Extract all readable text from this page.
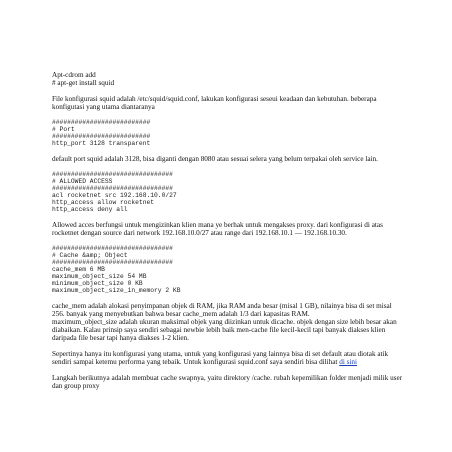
Apt-cdrom add
# apt-get install squid

File konfigurasi squid adalah /etc/squid/squid.conf, lakukan konfigurasi seseui keadaan dan kebutuhan. beberapa konfigutasi yang utama diantaranya

##########################
# Port
##########################
http_port 3128 transparent

default port squid adalah 3128, bisa diganti dengan 8080 atau sesuai selera yang belum terpakai oleh service lain.

################################
# ALLOWED ACCESS
################################
acl rocketnet src 192.168.10.0/27
http_access allow rocketnet
http_access deny all

Allowed acces berfungsi untuk mengizinkan klien mana ye berhak untuk mengakses proxy. dari konfigurasi di atas rocketnet dengan source dari network 192.168.10.0/27 atau range dari 192.168.10.1 — 192.168.10.30.

################################
# Cache &amp; Object
################################
cache_mem 6 MB
maximum_object_size 54 MB
minimum_object_size 0 KB
maximum_object_size_in_memory 2 KB

cache_mem adalah alokasi penyimpanan objek di RAM, jika RAM anda besar (misal 1 GB), nilainya bisa di set misal 256. banyak yang menyebutkan bahwa besar cache_mem adalah 1/3 dari kapasitas RAM.

maximum_object_size adalah ukuran maksimal objek yang diizinkan untuk dicache. objek dengan size lebih besar akan diabaikan. Kalau prinsip saya sendiri sebagai newbie lebih baik men-cache file kecil-kecil tapi banyak diakses klien daripada file besar tapi hanya diakses 1-2 klien.

Sepertinya hanya itu konfigurasi yang utama, untuk yang konfigurasi yang lainnya bisa di set default atau diotak atik sendiri sampai ketemu performa yang tebaik. Untuk konfigurasi squid.conf saya sendiri bisa dilihat di sini

Langkah berikutnya adalah membuat cache swapnya, yaitu direktory /cache. rubah kepemilikan folder menjadi milik user dan group proxy
